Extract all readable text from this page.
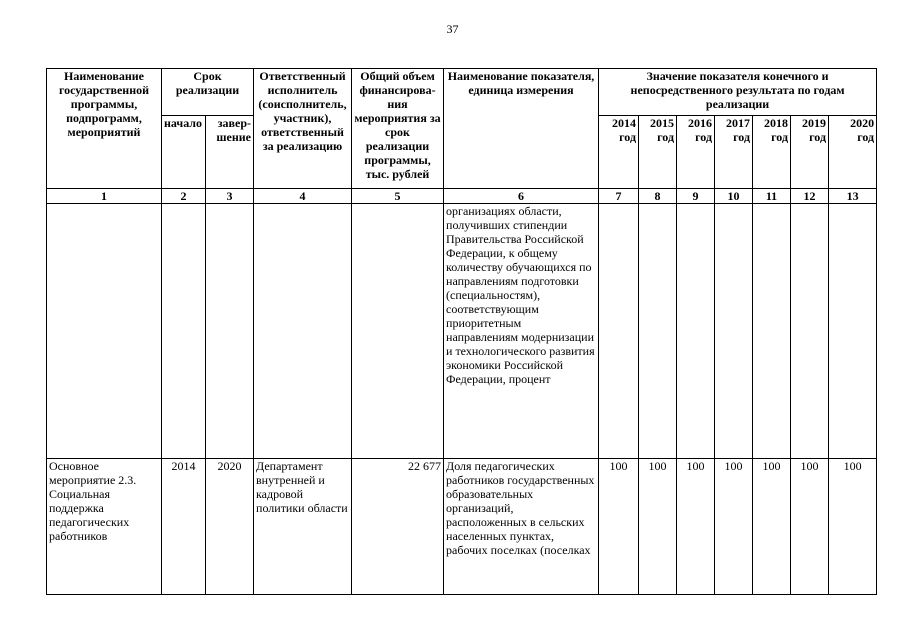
37
Наименование государственной программы, подпрограмм, мероприятий	Срок реализации		Ответственный исполнитель (соисполнитель, участник), ответственный за реализацию	Общий объем финансирова-ния мероприятия за срок реализации программы, тыс. рублей	Наименование показателя, единица измерения	Значение показателя конечного и непосредственного результата по годам реализации						
	начало	завер-шение				2014 год	2015 год	2016 год	2017 год	2018 год	2019 год	2020 год
1	2	3	4	5	6	7	8	9	10	11	12	13
					организациях области, получивших стипендии Правительства Российской Федерации, к общему количеству обучающихся по направлениям подготовки (специальностям), соответствующим приоритетным направлениям модернизации и технологического развития экономики Российской Федерации, процент							
Основное мероприятие 2.3. Социальная поддержка педагогических работников	2014	2020	Департамент внутренней и кадровой политики области	22 677	Доля педагогических работников государственных образовательных организаций, расположенных в сельских населенных пунктах, рабочих поселках (поселках	100	100	100	100	100	100	100
